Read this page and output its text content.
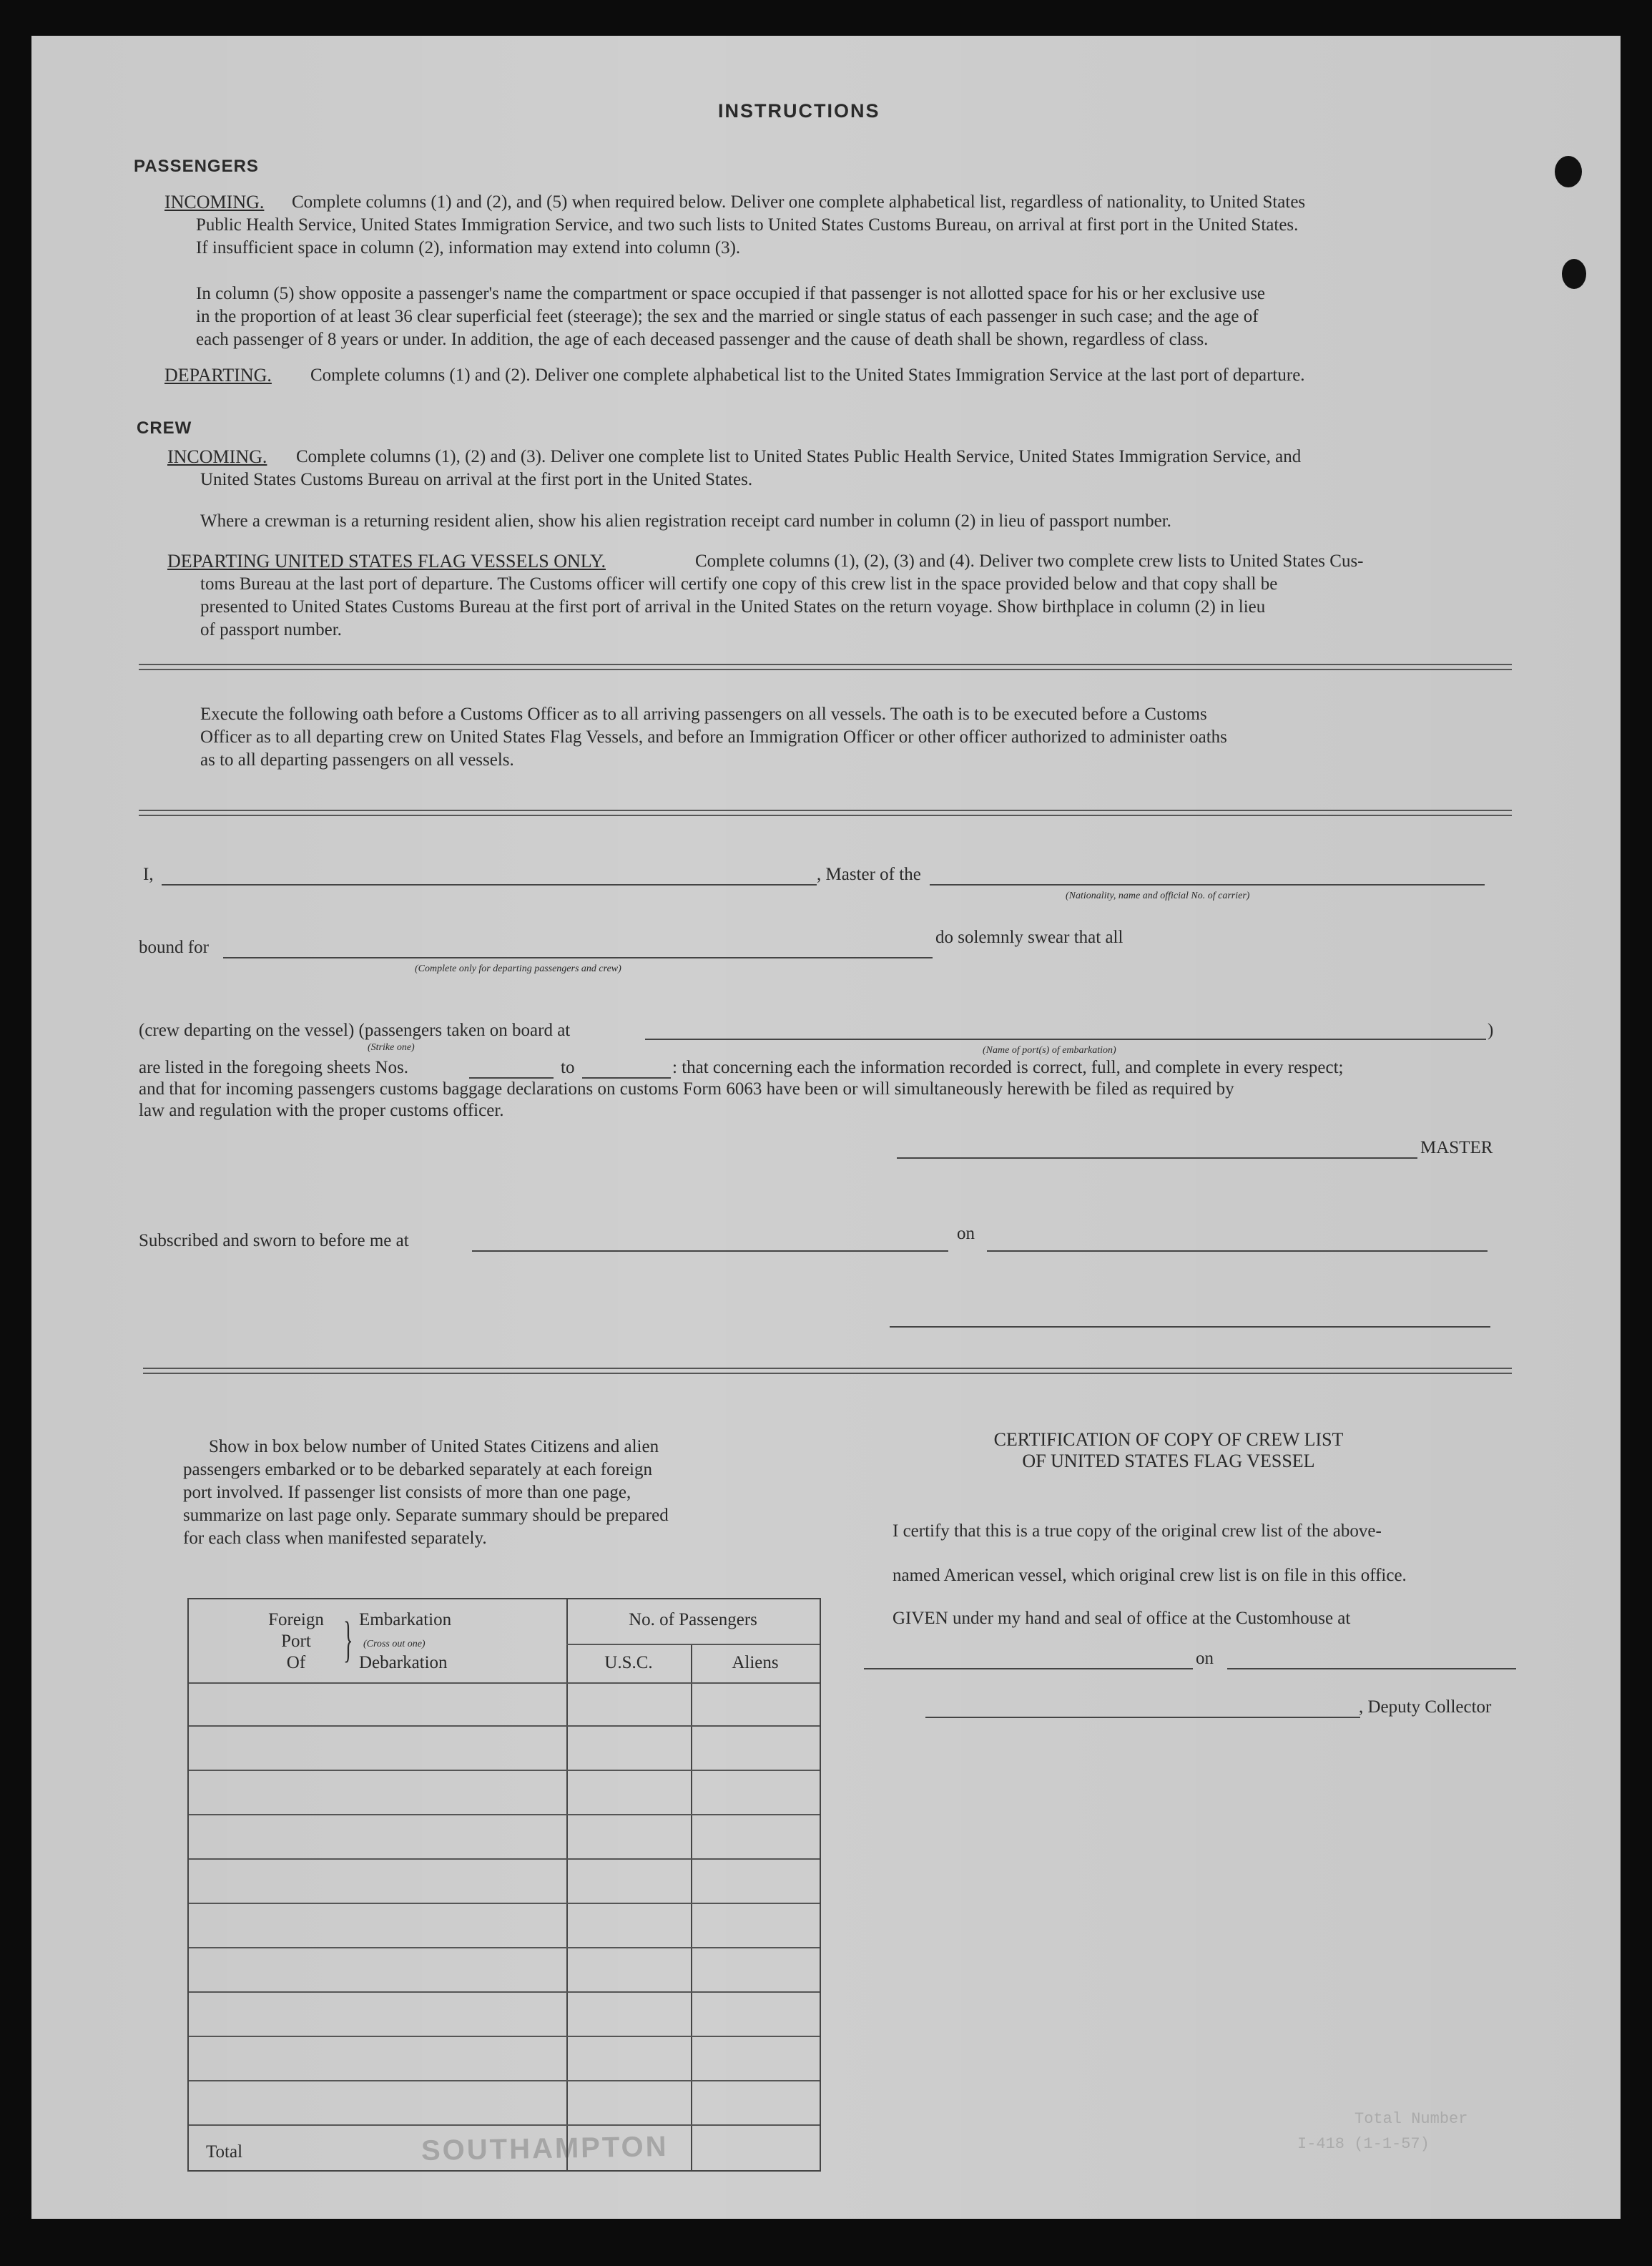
SOUTHAMPTON	I-418 (1-1-57)
Total Number
INSTRUCTIONS
PASSENGERS
INCOMING. Complete columns (1) and (2), and (5) when required below. Deliver one complete alphabetical list, regardless of nationality, to United States
Public Health Service, United States Immigration Service, and two such lists to United States Customs Bureau, on arrival at first port in the United States.
If insufficient space in column (2), information may extend into column (3).
In column (5) show opposite a passenger's name the compartment or space occupied if that passenger is not allotted space for his or her exclusive use
in the proportion of at least 36 clear superficial feet (steerage); the sex and the married or single status of each passenger in such case; and the age of
each passenger of 8 years or under. In addition, the age of each deceased passenger and the cause of death shall be shown, regardless of class.
DEPARTING. Complete columns (1) and (2). Deliver one complete alphabetical list to the United States Immigration Service at the last port of departure.
CREW
INCOMING. Complete columns (1), (2) and (3). Deliver one complete list to United States Public Health Service, United States Immigration Service, and
United States Customs Bureau on arrival at the first port in the United States.
Where a crewman is a returning resident alien, show his alien registration receipt card number in column (2) in lieu of passport number.
DEPARTING UNITED STATES FLAG VESSELS ONLY.	Complete columns (1), (2), (3) and (4). Deliver two complete crew lists to United States Cus-
toms Bureau at the last port of departure. The Customs officer will certify one copy of this crew list in the space provided below and that copy shall be
presented to United States Customs Bureau at the first port of arrival in the United States on the return voyage. Show birthplace in column (2) in lieu
of passport number.
Execute the following oath before a Customs Officer as to all arriving passengers on all vessels. The oath is to be executed before a Customs
Officer as to all departing crew on United States Flag Vessels, and before an Immigration Officer or other officer authorized to administer oaths
as to all departing passengers on all vessels.
I,	, Master of the
(Nationality, name and official No. of carrier)
bound for
(Complete only for departing passengers and crew)
do solemnly swear that all
(crew departing on the vessel) (passengers taken on board at
(Strike one)	(Name of port(s) of embarkation)
)
are listed in the foregoing sheets Nos.	to	: that concerning each the information recorded is correct, full, and complete in every respect;
and that for incoming passengers customs baggage declarations on customs Form 6063 have been or will simultaneously herewith be filed as required by
law and regulation with the proper customs officer.
MASTER
Subscribed and sworn to before me at	on
Show in box below number of United States Citizens and alien
passengers embarked or to be debarked separately at each foreign
port involved. If passenger list consists of more than one page,
summarize on last page only. Separate summary should be prepared
for each class when manifested separately.
Foreign
Port
Of } Embarkation
(Cross out one)
Debarkation
No. of Passengers
U.S.C.	Aliens
Total
CERTIFICATION OF COPY OF CREW LIST
OF UNITED STATES FLAG VESSEL
I certify that this is a true copy of the original crew list of the above-
named American vessel, which original crew list is on file in this office.
GIVEN under my hand and seal of office at the Customhouse at
on
, Deputy Collector
